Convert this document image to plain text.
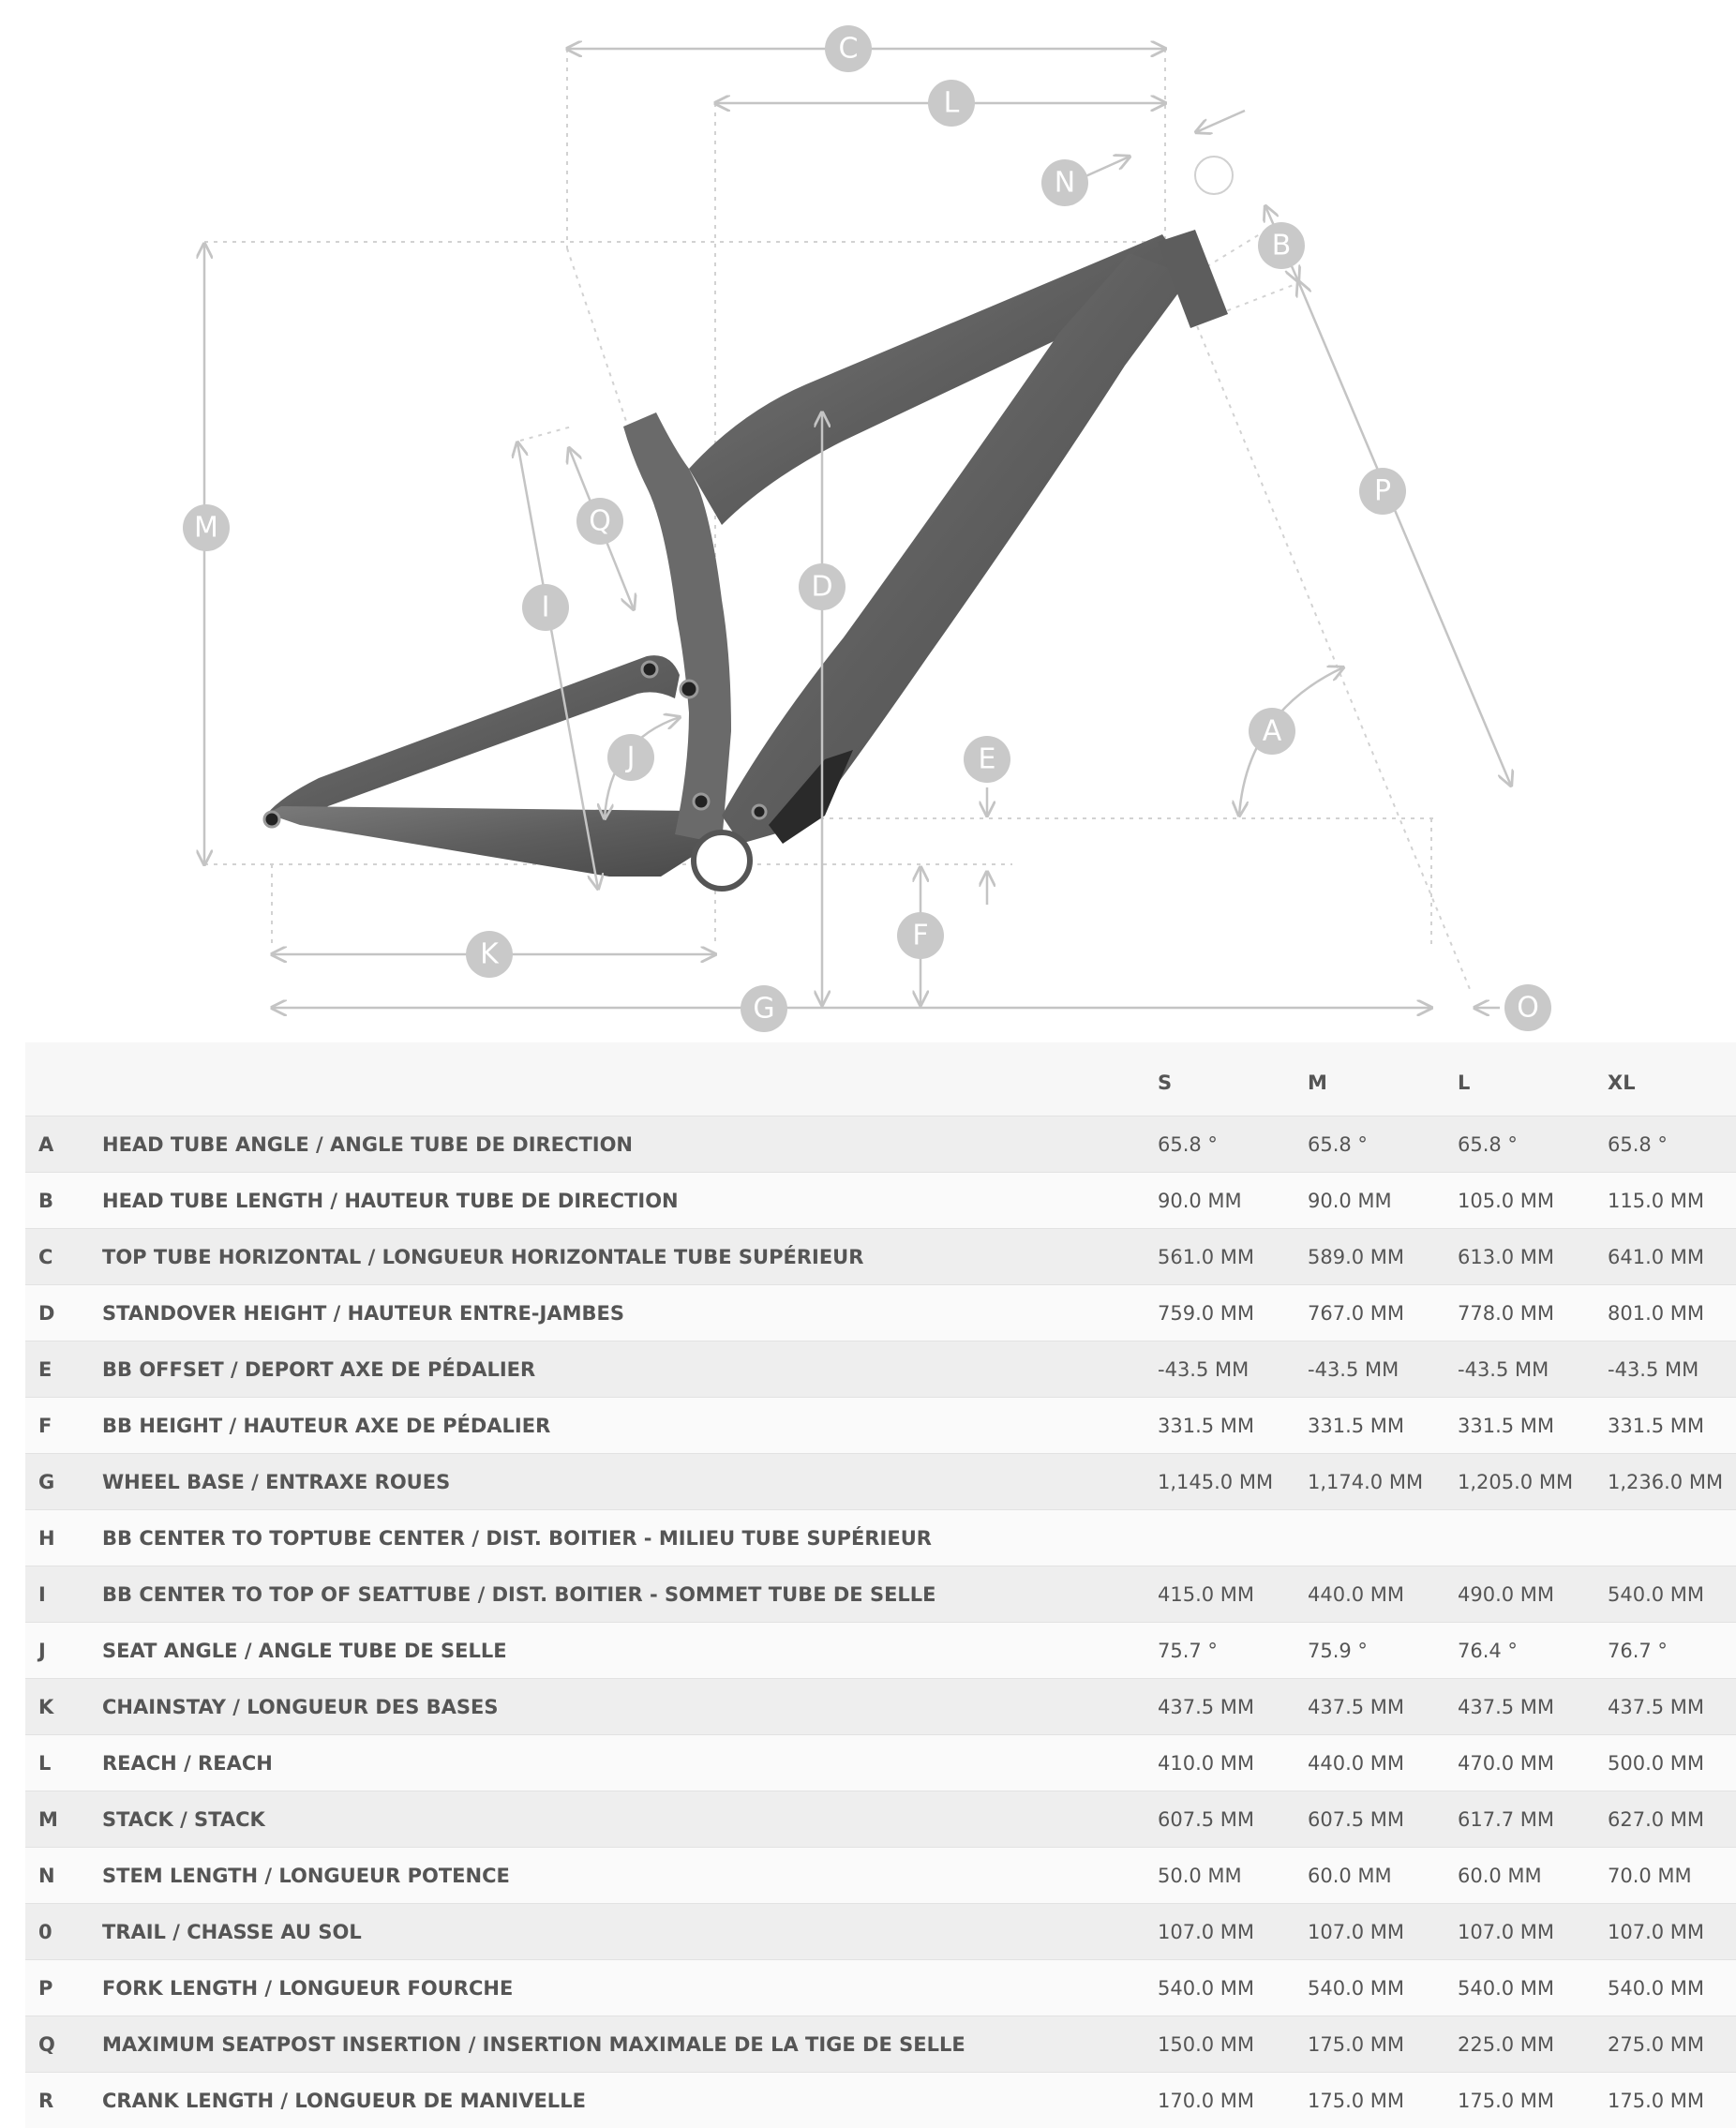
A
B
C
D
E
F
G
I
J
K
L
M
N
O
P
Q
		S	M	L	XL
A	HEAD TUBE ANGLE / ANGLE TUBE DE DIRECTION	65.8 °	65.8 °	65.8 °	65.8 °
B	HEAD TUBE LENGTH / HAUTEUR TUBE DE DIRECTION	90.0 MM	90.0 MM	105.0 MM	115.0 MM
C	TOP TUBE HORIZONTAL / LONGUEUR HORIZONTALE TUBE SUPÉRIEUR	561.0 MM	589.0 MM	613.0 MM	641.0 MM
D	STANDOVER HEIGHT / HAUTEUR ENTRE-JAMBES	759.0 MM	767.0 MM	778.0 MM	801.0 MM
E	BB OFFSET / DEPORT AXE DE PÉDALIER	-43.5 MM	-43.5 MM	-43.5 MM	-43.5 MM
F	BB HEIGHT / HAUTEUR AXE DE PÉDALIER	331.5 MM	331.5 MM	331.5 MM	331.5 MM
G	WHEEL BASE / ENTRAXE ROUES	1,145.0 MM	1,174.0 MM	1,205.0 MM	1,236.0 MM
H	BB CENTER TO TOPTUBE CENTER / DIST. BOITIER - MILIEU TUBE SUPÉRIEUR				
I	BB CENTER TO TOP OF SEATTUBE / DIST. BOITIER - SOMMET TUBE DE SELLE	415.0 MM	440.0 MM	490.0 MM	540.0 MM
J	SEAT ANGLE / ANGLE TUBE DE SELLE	75.7 °	75.9 °	76.4 °	76.7 °
K	CHAINSTAY / LONGUEUR DES BASES	437.5 MM	437.5 MM	437.5 MM	437.5 MM
L	REACH / REACH	410.0 MM	440.0 MM	470.0 MM	500.0 MM
M	STACK / STACK	607.5 MM	607.5 MM	617.7 MM	627.0 MM
N	STEM LENGTH / LONGUEUR POTENCE	50.0 MM	60.0 MM	60.0 MM	70.0 MM
0	TRAIL / CHASSE AU SOL	107.0 MM	107.0 MM	107.0 MM	107.0 MM
P	FORK LENGTH / LONGUEUR FOURCHE	540.0 MM	540.0 MM	540.0 MM	540.0 MM
Q	MAXIMUM SEATPOST INSERTION / INSERTION MAXIMALE DE LA TIGE DE SELLE	150.0 MM	175.0 MM	225.0 MM	275.0 MM
R	CRANK LENGTH / LONGUEUR DE MANIVELLE	170.0 MM	175.0 MM	175.0 MM	175.0 MM
